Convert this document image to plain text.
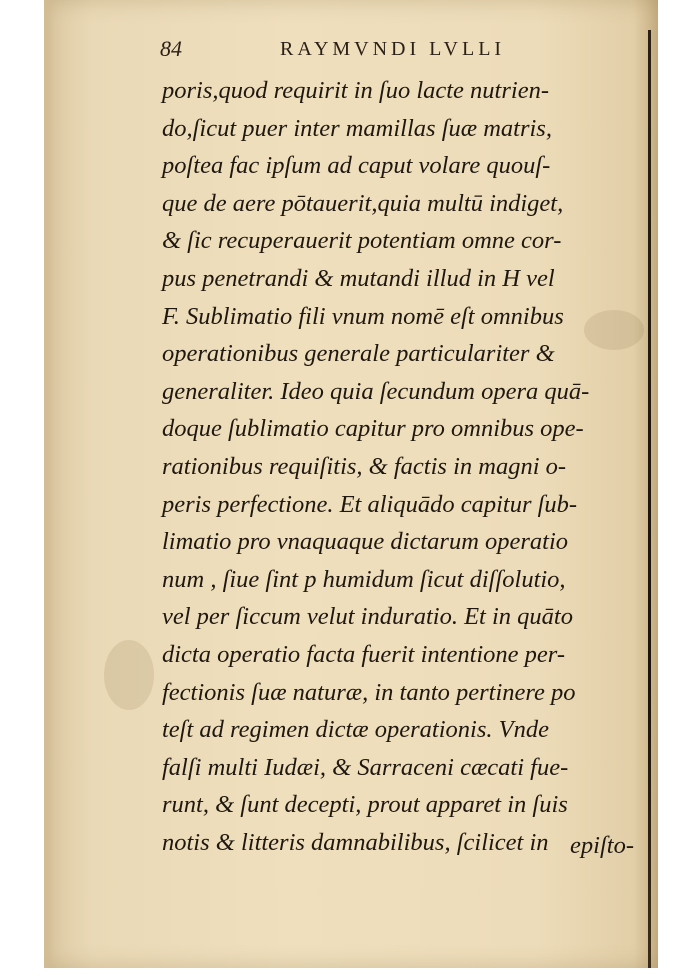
84	RAYMVNDI LVLLI
poris,quod requirit in ſuo lacte nutrien-
do,ſicut puer inter mamillas ſuæ matris,
poſtea fac ipſum ad caput volare quouſ-
que de aere pōtauerit,quia multū indiget,
& ſic recuperauerit potentiam omne cor-
pus penetrandi & mutandi illud in H vel
F. Sublimatio fili vnum nomē eſt omnibus
operationibus generale particulariter &
generaliter. Ideo quia ſecundum opera quā-
doque ſublimatio capitur pro omnibus ope-
rationibus requiſitis, & factis in magni o-
peris perfectione. Et aliquādo capitur ſub-
limatio pro vnaquaque dictarum operatio
num , ſiue ſint p humidum ſicut diſſolutio,
vel per ſiccum velut induratio. Et in quāto
dicta operatio facta fuerit intentione per-
fectionis ſuæ naturæ, in tanto pertinere po
teſt ad regimen dictæ operationis. Vnde
falſi multi Iudæi, & Sarraceni cæcati fue-
runt, & ſunt decepti, prout apparet in ſuis
notis & litteris damnabilibus, ſcilicet in epiſto-
